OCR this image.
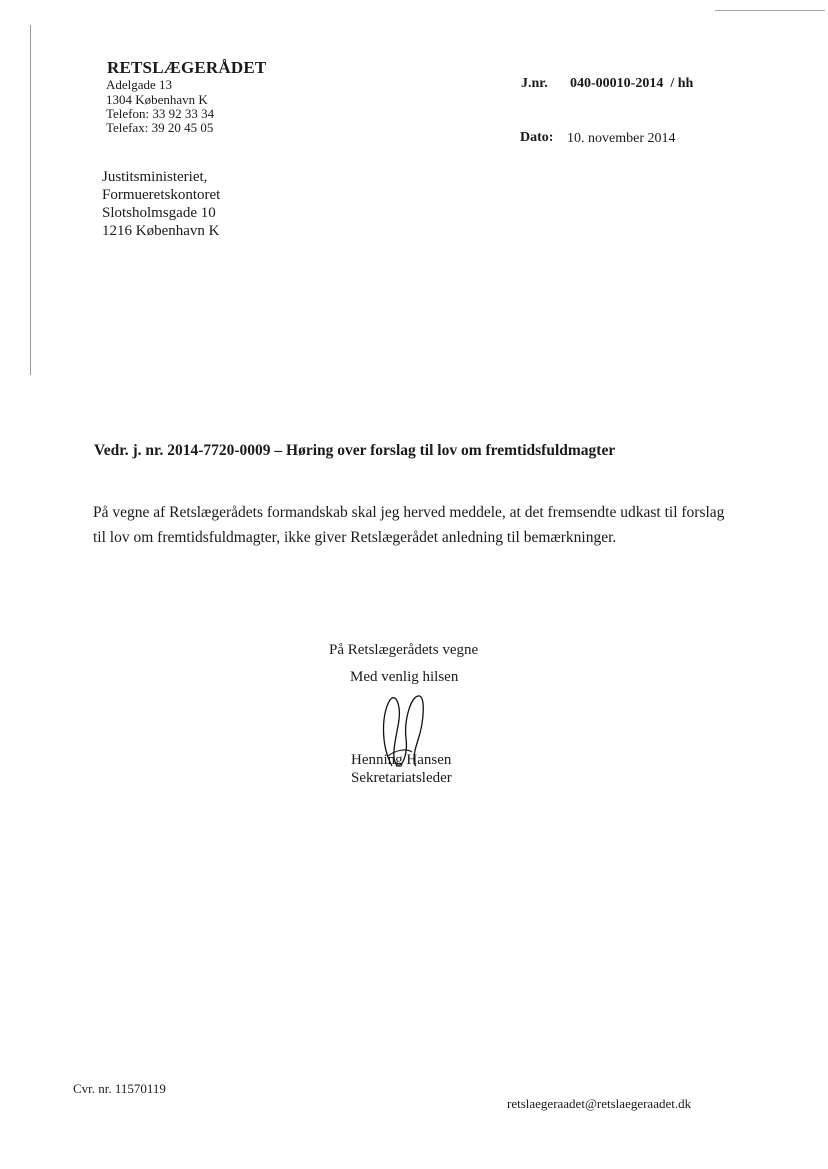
RETSLÆGERÅDET
Adelgade 13
1304 København K
Telefon: 33 92 33 34
Telefax: 39 20 45 05
J.nr. 040-00010-2014  / hh
Dato: 10. november 2014
Justitsministeriet,
Formueretskontoret
Slotsholmsgade 10
1216 København K
Vedr. j. nr. 2014-7720-0009 – Høring over forslag til lov om fremtidsfuldmagter
På vegne af Retslægerådets formandskab skal jeg herved meddele, at det fremsendte udkast til forslag til lov om fremtidsfuldmagter, ikke giver Retslægerådet anledning til bemærkninger.
På Retslægerådets vegne
Med venlig hilsen
Henning Hansen
Sekretariatsleder
Cvr. nr. 11570119
retslaegeraadet@retslaegeraadet.dk
